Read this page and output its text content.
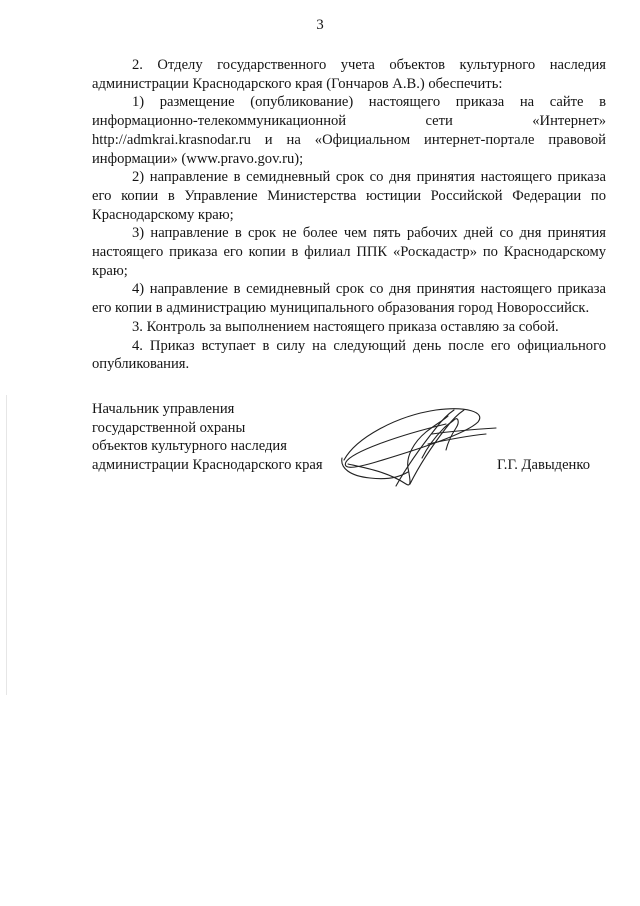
3

2. Отделу государственного учета объектов культурного наследия администрации Краснодарского края (Гончаров А.В.) обеспечить:

1) размещение (опубликование) настоящего приказа на сайте в информационно-телекоммуникационной сети «Интернет» http://admkrai.krasnodar.ru и на «Официальном интернет-портале правовой информации» (www.pravo.gov.ru);

2) направление в семидневный срок со дня принятия настоящего приказа его копии в Управление Министерства юстиции Российской Федерации по Краснодарскому краю;

3) направление в срок не более чем пять рабочих дней со дня принятия настоящего приказа его копии в филиал ППК «Роскадастр» по Краснодарскому краю;

4) направление в семидневный срок со дня принятия настоящего приказа его копии в администрацию муниципального образования город Новороссийск.

3. Контроль за выполнением настоящего приказа оставляю за собой.

4. Приказ вступает в силу на следующий день после его официального опубликования.

Начальник управления
государственной охраны
объектов культурного наследия
администрации Краснодарского края	Г.Г. Давыденко
